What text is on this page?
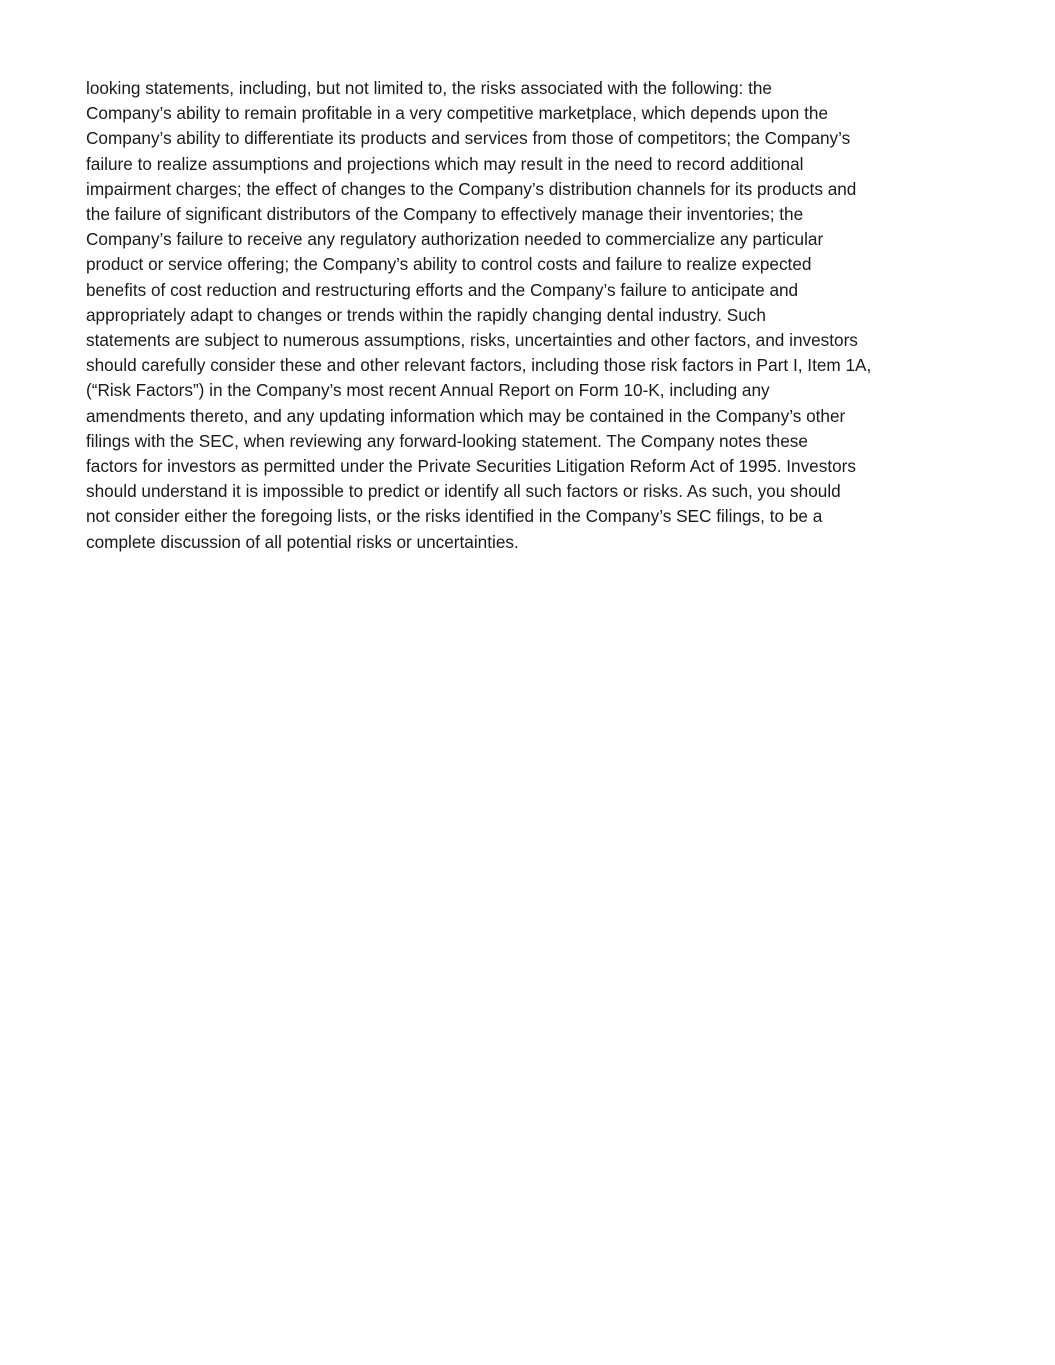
looking statements, including, but not limited to, the risks associated with the following: the
Company’s ability to remain profitable in a very competitive marketplace, which depends upon the
Company’s ability to differentiate its products and services from those of competitors; the Company’s
failure to realize assumptions and projections which may result in the need to record additional
impairment charges; the effect of changes to the Company’s distribution channels for its products and
the failure of significant distributors of the Company to effectively manage their inventories; the
Company’s failure to receive any regulatory authorization needed to commercialize any particular
product or service offering; the Company’s ability to control costs and failure to realize expected
benefits of cost reduction and restructuring efforts and the Company’s failure to anticipate and
appropriately adapt to changes or trends within the rapidly changing dental industry. Such
statements are subject to numerous assumptions, risks, uncertainties and other factors, and investors
should carefully consider these and other relevant factors, including those risk factors in Part I, Item 1A,
(“Risk Factors”) in the Company’s most recent Annual Report on Form 10-K, including any
amendments thereto, and any updating information which may be contained in the Company’s other
filings with the SEC, when reviewing any forward-looking statement. The Company notes these
factors for investors as permitted under the Private Securities Litigation Reform Act of 1995. Investors
should understand it is impossible to predict or identify all such factors or risks. As such, you should
not consider either the foregoing lists, or the risks identified in the Company’s SEC filings, to be a
complete discussion of all potential risks or uncertainties.
